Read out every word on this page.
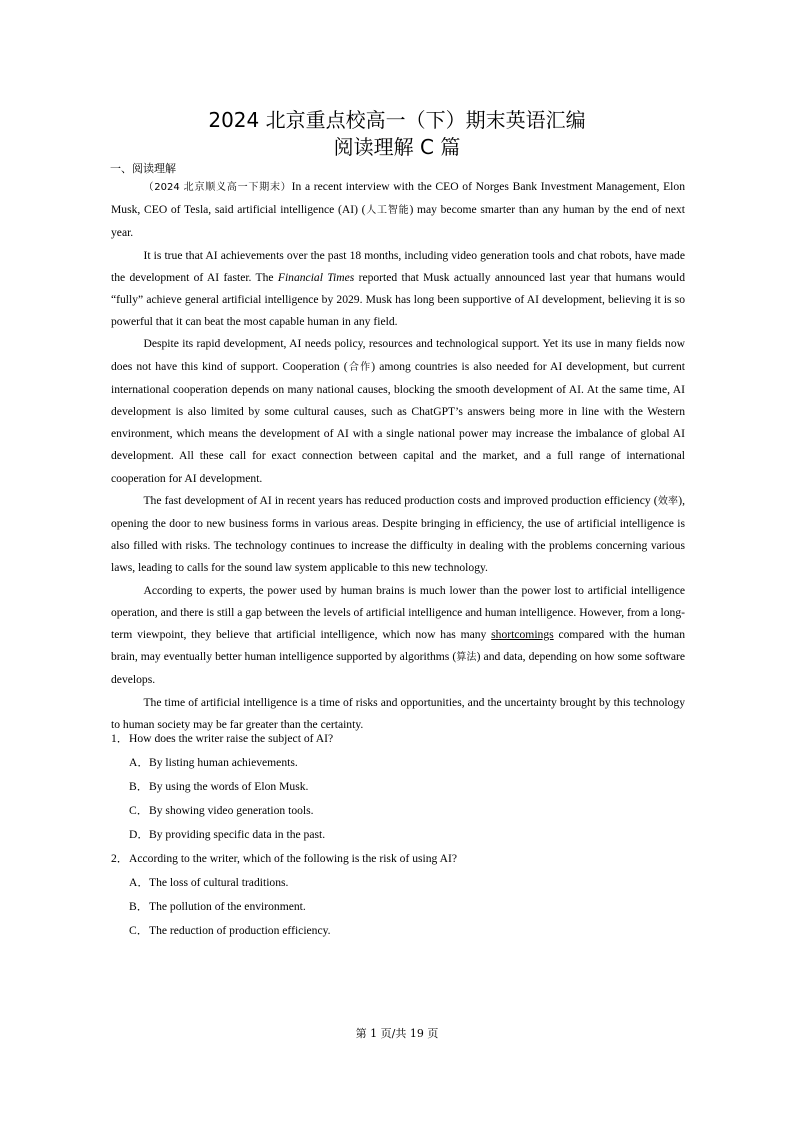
2024 北京重点校高一（下）期末英语汇编
阅读理解 C 篇
一、阅读理解

（2024 北京顺义高一下期末）In a recent interview with the CEO of Norges Bank Investment Management, Elon Musk, CEO of Tesla, said artificial intelligence (AI) (人工智能) may become smarter than any human by the end of next year.

It is true that AI achievements over the past 18 months, including video generation tools and chat robots, have made the development of AI faster. The Financial Times reported that Musk actually announced last year that humans would “fully” achieve general artificial intelligence by 2029. Musk has long been supportive of AI development, believing it is so powerful that it can beat the most capable human in any field.

Despite its rapid development, AI needs policy, resources and technological support. Yet its use in many fields now does not have this kind of support. Cooperation (合作) among countries is also needed for AI development, but current international cooperation depends on many national causes, blocking the smooth development of AI. At the same time, AI development is also limited by some cultural causes, such as ChatGPT’s answers being more in line with the Western environment, which means the development of AI with a single national power may increase the imbalance of global AI development. All these call for exact connection between capital and the market, and a full range of international cooperation for AI development.

The fast development of AI in recent years has reduced production costs and improved production efficiency (效率), opening the door to new business forms in various areas. Despite bringing in efficiency, the use of artificial intelligence is also filled with risks. The technology continues to increase the difficulty in dealing with the problems concerning various laws, leading to calls for the sound law system applicable to this new technology.

According to experts, the power used by human brains is much lower than the power lost to artificial intelligence operation, and there is still a gap between the levels of artificial intelligence and human intelligence. However, from a long-term viewpoint, they believe that artificial intelligence, which now has many shortcomings compared with the human brain, may eventually better human intelligence supported by algorithms (算法) and data, depending on how some software develops.

The time of artificial intelligence is a time of risks and opportunities, and the uncertainty brought by this technology to human society may be far greater than the certainty.

1．How does the writer raise the subject of AI?
A．By listing human achievements.
B．By using the words of Elon Musk.
C．By showing video generation tools.
D．By providing specific data in the past.
2．According to the writer, which of the following is the risk of using AI?
A．The loss of cultural traditions.
B．The pollution of the environment.
C．The reduction of production efficiency.
第 1 页/共 19 页
